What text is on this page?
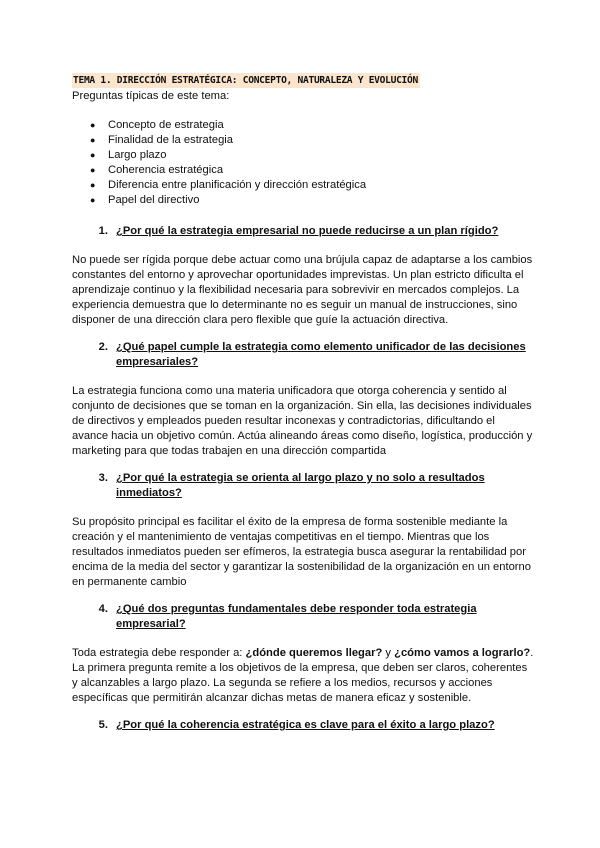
TEMA 1. DIRECCIÓN ESTRATÉGICA: CONCEPTO, NATURALEZA Y EVOLUCIÓN

Preguntas típicas de este tema:

● Concepto de estrategia
● Finalidad de la estrategia
● Largo plazo
● Coherencia estratégica
● Diferencia entre planificación y dirección estratégica
● Papel del directivo
1. ¿Por qué la estrategia empresarial no puede reducirse a un plan rígido?

No puede ser rígida porque debe actuar como una brújula capaz de adaptarse a los cambios constantes del entorno y aprovechar oportunidades imprevistas. Un plan estricto dificulta el aprendizaje continuo y la flexibilidad necesaria para sobrevivir en mercados complejos. La experiencia demuestra que lo determinante no es seguir un manual de instrucciones, sino disponer de una dirección clara pero flexible que guíe la actuación directiva.

2. ¿Qué papel cumple la estrategia como elemento unificador de las decisiones empresariales?

La estrategia funciona como una materia unificadora que otorga coherencia y sentido al conjunto de decisiones que se toman en la organización. Sin ella, las decisiones individuales de directivos y empleados pueden resultar inconexas y contradictorias, dificultando el avance hacia un objetivo común. Actúa alineando áreas como diseño, logística, producción y marketing para que todas trabajen en una dirección compartida

3. ¿Por qué la estrategia se orienta al largo plazo y no solo a resultados inmediatos?

Su propósito principal es facilitar el éxito de la empresa de forma sostenible mediante la creación y el mantenimiento de ventajas competitivas en el tiempo. Mientras que los resultados inmediatos pueden ser efímeros, la estrategia busca asegurar la rentabilidad por encima de la media del sector y garantizar la sostenibilidad de la organización en un entorno en permanente cambio

4. ¿Qué dos preguntas fundamentales debe responder toda estrategia empresarial?

Toda estrategia debe responder a: ¿dónde queremos llegar? y ¿cómo vamos a lograrlo?. La primera pregunta remite a los objetivos de la empresa, que deben ser claros, coherentes y alcanzables a largo plazo. La segunda se refiere a los medios, recursos y acciones específicas que permitirán alcanzar dichas metas de manera eficaz y sostenible.

5. ¿Por qué la coherencia estratégica es clave para el éxito a largo plazo?
